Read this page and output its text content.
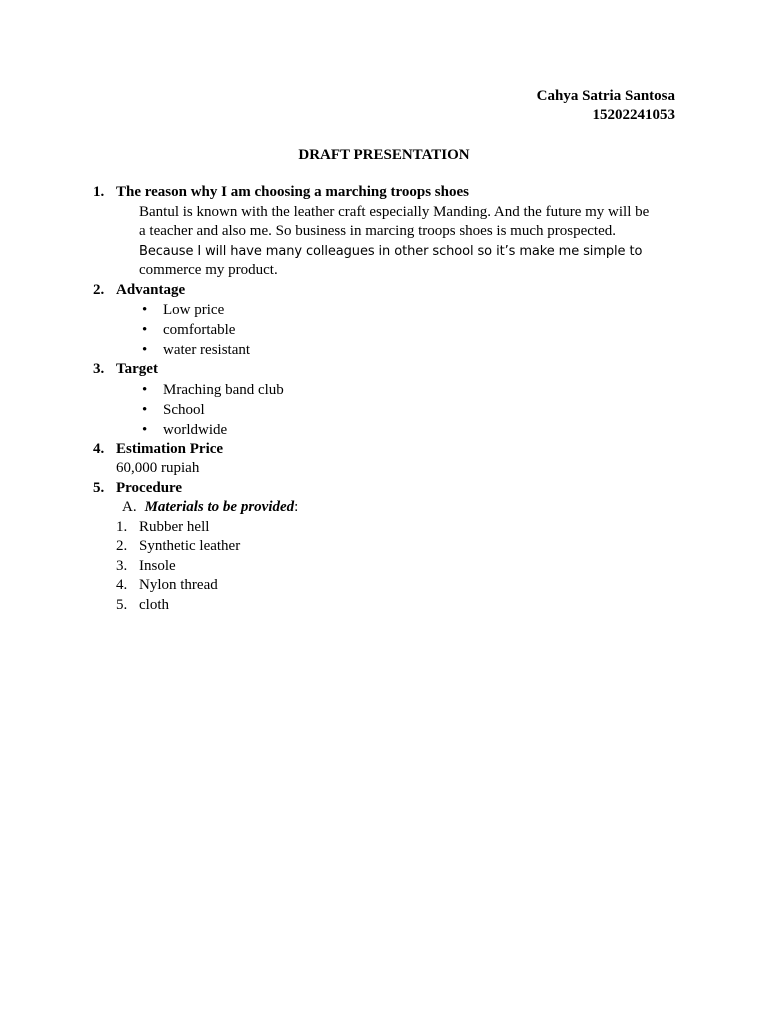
Cahya Satria Santosa
15202241053
DRAFT PRESENTATION
1. The reason why I am choosing a marching troops shoes
Bantul is known with the leather craft especially Manding. And the future my will be
a teacher and also me. So business in marcing troops shoes is much prospected.
Because I will have many colleagues in other school so it’s make me simple to
commerce my product.
2. Advantage
• Low price
• comfortable
• water resistant
3. Target
• Mraching band club
• School
• worldwide
4. Estimation Price
60,000 rupiah
5. Procedure
A. Materials to be provided:
1. Rubber hell
2. Synthetic leather
3. Insole
4. Nylon thread
5. cloth
